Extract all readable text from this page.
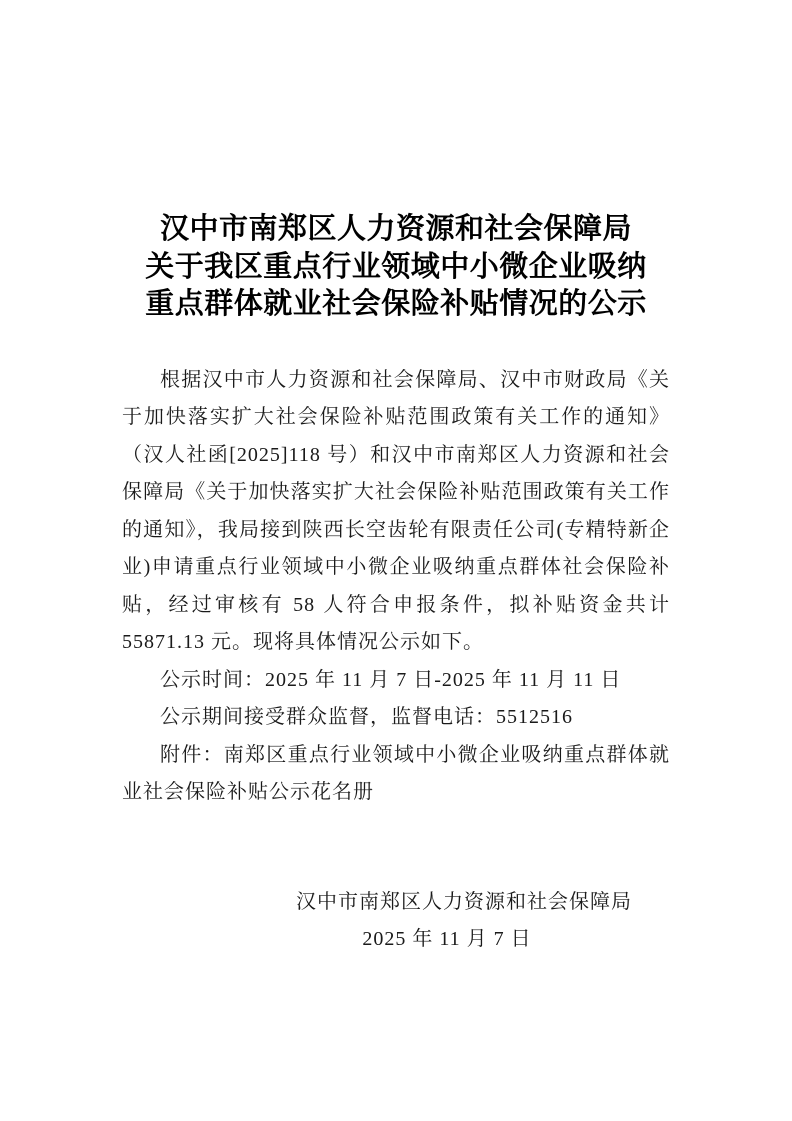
汉中市南郑区人力资源和社会保障局
关于我区重点行业领域中小微企业吸纳
重点群体就业社会保险补贴情况的公示
根据汉中市人力资源和社会保障局、汉中市财政局《关
于加快落实扩大社会保险补贴范围政策有关工作的通知》
（汉人社函[2025]118 号）和汉中市南郑区人力资源和社会
保障局《关于加快落实扩大社会保险补贴范围政策有关工作
的通知》，我局接到陕西长空齿轮有限责任公司(专精特新企
业)申请重点行业领域中小微企业吸纳重点群体社会保险补
贴，经过审核有 58 人符合申报条件，拟补贴资金共计
55871.13 元。现将具体情况公示如下。
公示时间：2025 年 11 月 7 日-2025 年 11 月 11 日
公示期间接受群众监督，监督电话：5512516
附件：南郑区重点行业领域中小微企业吸纳重点群体就
业社会保险补贴公示花名册
汉中市南郑区人力资源和社会保障局
2025 年 11 月 7 日
